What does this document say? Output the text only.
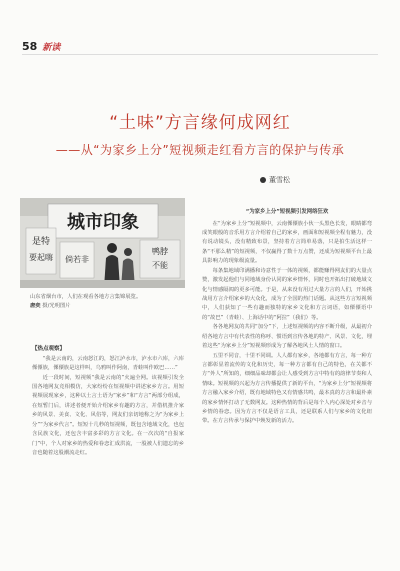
58 新读
“土味”方言缘何成网红
——从“为家乡上分”短视频走红看方言的保护与传承
董雪松
城市印象
是特
要起嗨
鸭脖
不能
倘若非
山东省烟台市，人们在观看各地方言集锦展览。
唐奕 摄/光明图片

【热点观察】

“我是云南的，云南怒江的，怒江泸水市，泸水市六库，六库傈僳族，傈僳族是这样叫，乌鸦叫作阿南，青蛙叫作欧巴……”

近一段时间，短视频“我是云南的”火遍全网。该视频引发全国各地网友竞相模仿，大家纷纷在短视频中讲述家乡方言。用短视频展现家乡，这种以土言土语为“家乡”和“方言”两部分组成，在短暂门后，讲述者便开始介绍家乡有趣的方言，并借机推介家乡的风景、美食、文化、风俗等，网友们亲切地称之为“为家乡上分”“为家乡代言”。短短十几秒的短视频，既包含地域文化，也包含民族文化，还包含丰富多彩的方言文化。在一次次的“自报家门”中，个人对家乡的热爱和眷恋汇成洪流，一股被人们遗忘的乡音也随着这股潮流走红。

“为家乡上分”短视频引发网络狂欢

在“为家乡上分”短视频中，云南傈僳族小伙一头黑色长发，眼睛都弯成笑眼般的音乐用方言介绍着自己的家乡，画面和短视频全程有魅力，没有说动镜头，没有精致布景，坚持着方言简单易落，只是拍生活这样一条“不那么精”的短视频，不仅赢得了数十万点赞，还成为短视频平台上最具影响力的现象级流量。

每条集地域印满播和诗意性于一体的视频，都能赚得网友们的大量点赞，激发起他们与同地域身份认同的家乡情怀，同时也开拓出打破地域文化与情感隔阂的更多可能。于是，从来没有用过大量方言的人们，开始挑战用方言介绍家乡的大众化，成为了全国的热门话题。从这些方言短视频中，人们获知了一些有趣而独特的家乡文化和方言词语，如傈僳语中的“故巴”（青蛙）、上海话中的“阿拉”（我们）等。

各各地网友的共同“加分”下，上述短视频的内容不断升级，从最初介绍各地方言中有代表性的称呼、惯语到宣传各地的特产、风景、文化，埋着这些“为家乡上分”短视频形成为了解各地风土人情的窗口。

五里不同音，十里不同调。人人都有家乡，各地都有方言，每一种方言都彰显着流传的文化和历史，每一种方言都有自己的特色，在关都不方“外人”所知的，细细品味却都会让人感受到方言中特有的韵律节奏和人情味。短视频的兴起为方言传播提供了新的平台，“为家乡上分”短视频将方言融入家乡介绍，既有地域特色又有情感共鸣，最本真的方言和最朴素的家乡情怀打动了无数网友。这种热情的背后是每个人内心深处对乡音与乡情的眷恋。因为方言不仅是语言工具，还是联系人们与家乡的文化纽带。在方言传承与保护中焕发新的活力。
